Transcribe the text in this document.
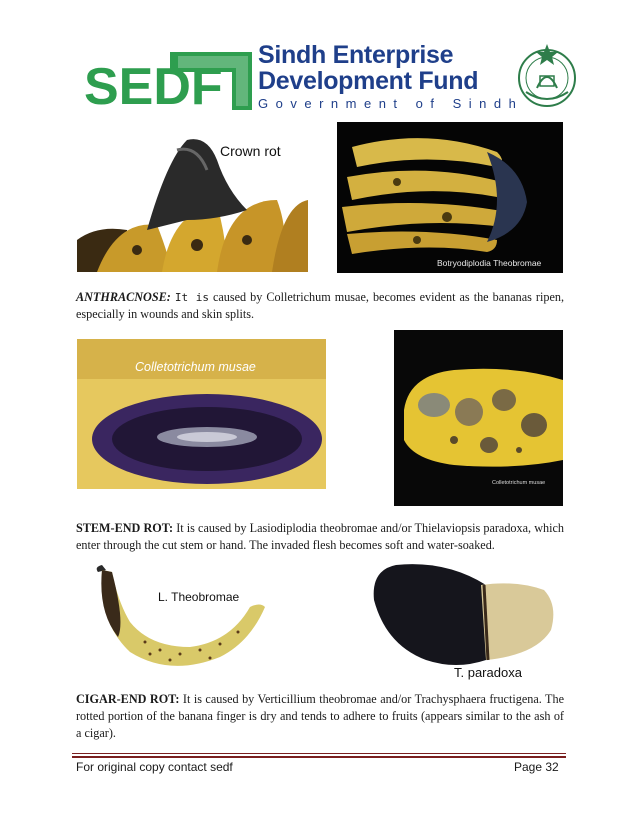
SEDF
Sindh Enterprise
Development Fund
Government of Sindh
Crown rot
Botryodiplodia Theobromae
ANTHRACNOSE: It is caused by Colletrichum musae, becomes evident as the bananas ripen, especially in wounds and skin splits.
Colletotrichum musae
Colletotrichum musae
STEM-END ROT: It is caused by Lasiodiplodia theobromae and/or Thielaviopsis paradoxa, which enter through the cut stem or hand. The invaded flesh becomes soft and water-soaked.
L. Theobromae
T. paradoxa
CIGAR-END ROT: It is caused by Verticillium theobromae and/or Trachysphaera fructigena. The rotted portion of the banana finger is dry and tends to adhere to fruits (appears similar to the ash of a cigar).
For original copy contact sedf	Page 32
